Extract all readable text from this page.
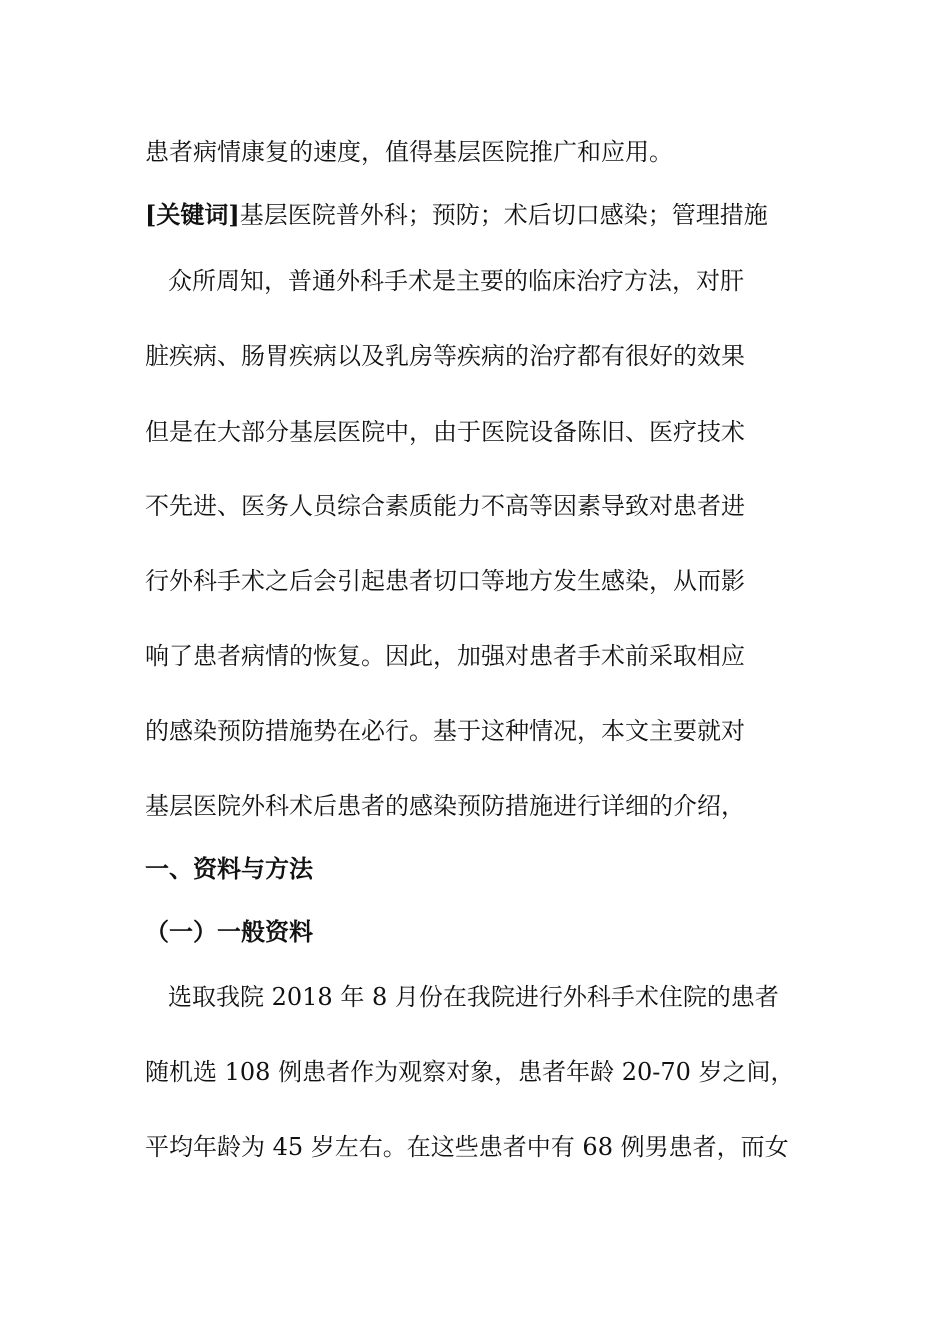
患者病情康复的速度，值得基层医院推广和应用。
[关键词]基层医院普外科；预防；术后切口感染；管理措施
众所周知，普通外科手术是主要的临床治疗方法，对肝
脏疾病、肠胃疾病以及乳房等疾病的治疗都有很好的效果
但是在大部分基层医院中，由于医院设备陈旧、医疗技术
不先进、医务人员综合素质能力不高等因素导致对患者进
行外科手术之后会引起患者切口等地方发生感染，从而影
响了患者病情的恢复。因此，加强对患者手术前采取相应
的感染预防措施势在必行。基于这种情况，本文主要就对
基层医院外科术后患者的感染预防措施进行详细的介绍，
一、资料与方法
（一）一般资料
选取我院 2018 年 8 月份在我院进行外科手术住院的患者
随机选 108 例患者作为观察对象，患者年龄 20-70 岁之间，
平均年龄为 45 岁左右。在这些患者中有 68 例男患者，而女
